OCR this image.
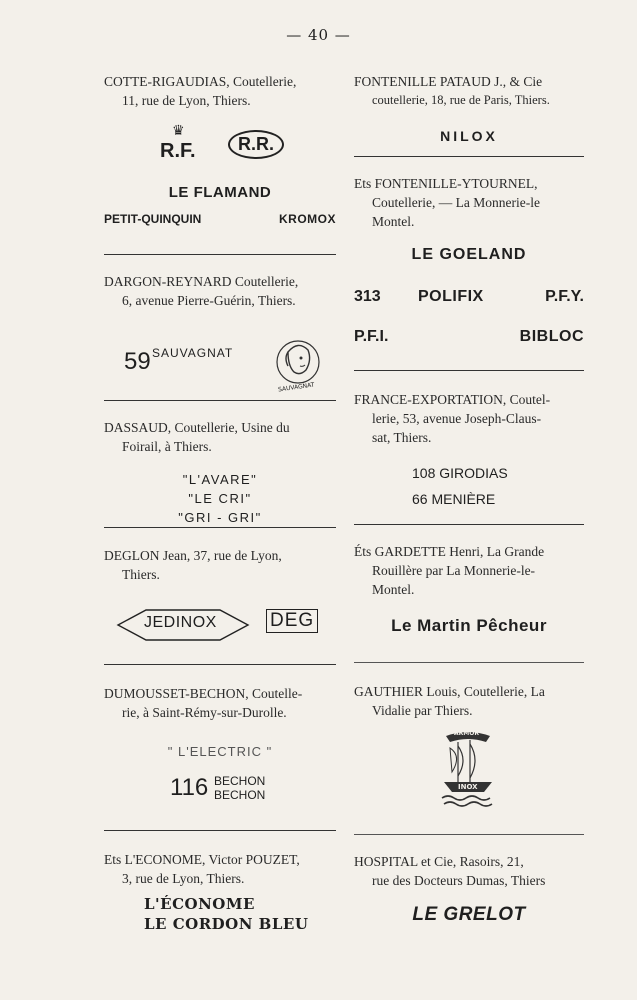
— 40 —

COTTE-RIGAUDIAS, Coutellerie,
11, rue de Lyon, Thiers.

♛
R.F.	R.R.
LE FLAMAND
PETIT-QUINQUIN	KROMOX

DARGON-REYNARD Coutellerie,
6, avenue Pierre-Guérin, Thiers.

59 SAUVAGNAT
SAUVAGNAT

DASSAUD, Coutellerie, Usine du
Foirail, à Thiers.

"L'AVARE"
"LE CRI"
"GRI - GRI"

DEGLON Jean, 37, rue de Lyon,
Thiers.

JEDINOX	DEG

DUMOUSSET-BECHON, Coutelle-
rie, à Saint-Rémy-sur-Durolle.

" L'ELECTRIC "
116 BECHON
BECHON

Ets L'ECONOME, Victor POUZET,
3, rue de Lyon, Thiers.

L'ÉCONOME
LE CORDON BLEU

FONTENILLE PATAUD J., & Cie
coutellerie, 18, rue de Paris, Thiers.

NILOX

Ets FONTENILLE-YTOURNEL,
Coutellerie, — La Monnerie-le
Montel.

LE GOELAND
313 POLIFIX	P.F.Y.
P.F.I.	BIBLOC

FRANCE-EXPORTATION, Coutel-
lerie, 53, avenue Joseph-Claus-
sat, Thiers.

108 GIRODIAS
66 MENIÈRE

Éts GARDETTE Henri, La Grande
Rouillère par La Monnerie-le-
Montel.

Le Martin Pêcheur

GAUTHIER Louis, Coutellerie, La
Vidalie par Thiers.

ARMOR
INOX

HOSPITAL et Cie, Rasoirs, 21,
rue des Docteurs Dumas, Thiers

LE GRELOT
